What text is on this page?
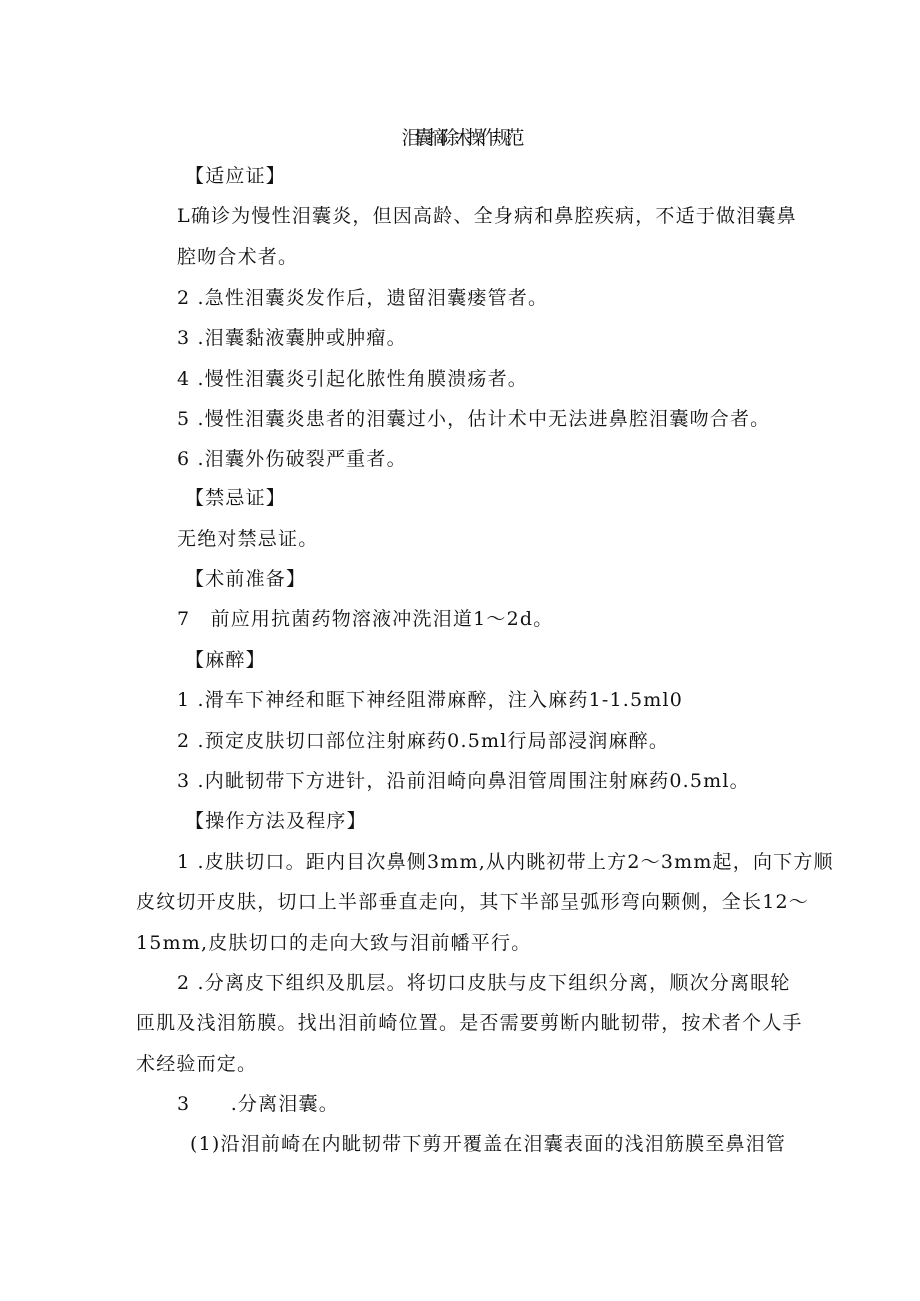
泪囊摘除术操作规范
【适应证】
L确诊为慢性泪囊炎，但因高龄、全身病和鼻腔疾病，不适于做泪囊鼻
腔吻合术者。
2 .急性泪囊炎发作后，遗留泪囊瘘管者。
3 .泪囊黏液囊肿或肿瘤。
4 .慢性泪囊炎引起化脓性角膜溃疡者。
5 .慢性泪囊炎患者的泪囊过小，估计术中无法进鼻腔泪囊吻合者。
6 .泪囊外伤破裂严重者。
【禁忌证】
无绝对禁忌证。
【术前准备】
7　前应用抗菌药物溶液冲洗泪道1～2d。
【麻醉】
1 .滑车下神经和眶下神经阻滞麻醉，注入麻药1-1.5ml0
2 .预定皮肤切口部位注射麻药0.5ml行局部浸润麻醉。
3 .内眦韧带下方进针，沿前泪崎向鼻泪管周围注射麻药0.5ml。
【操作方法及程序】
1 .皮肤切口。距内目次鼻侧3mm,从内眺初带上方2～3mm起，向下方顺
皮纹切开皮肤，切口上半部垂直走向，其下半部呈弧形弯向颗侧，全长12～
15mm,皮肤切口的走向大致与泪前幡平行。
2 .分离皮下组织及肌层。将切口皮肤与皮下组织分离，顺次分离眼轮
匝肌及浅泪筋膜。找出泪前崎位置。是否需要剪断内眦韧带，按术者个人手
术经验而定。
3　　.分离泪囊。
(1)沿泪前崎在内眦韧带下剪开覆盖在泪囊表面的浅泪筋膜至鼻泪管
